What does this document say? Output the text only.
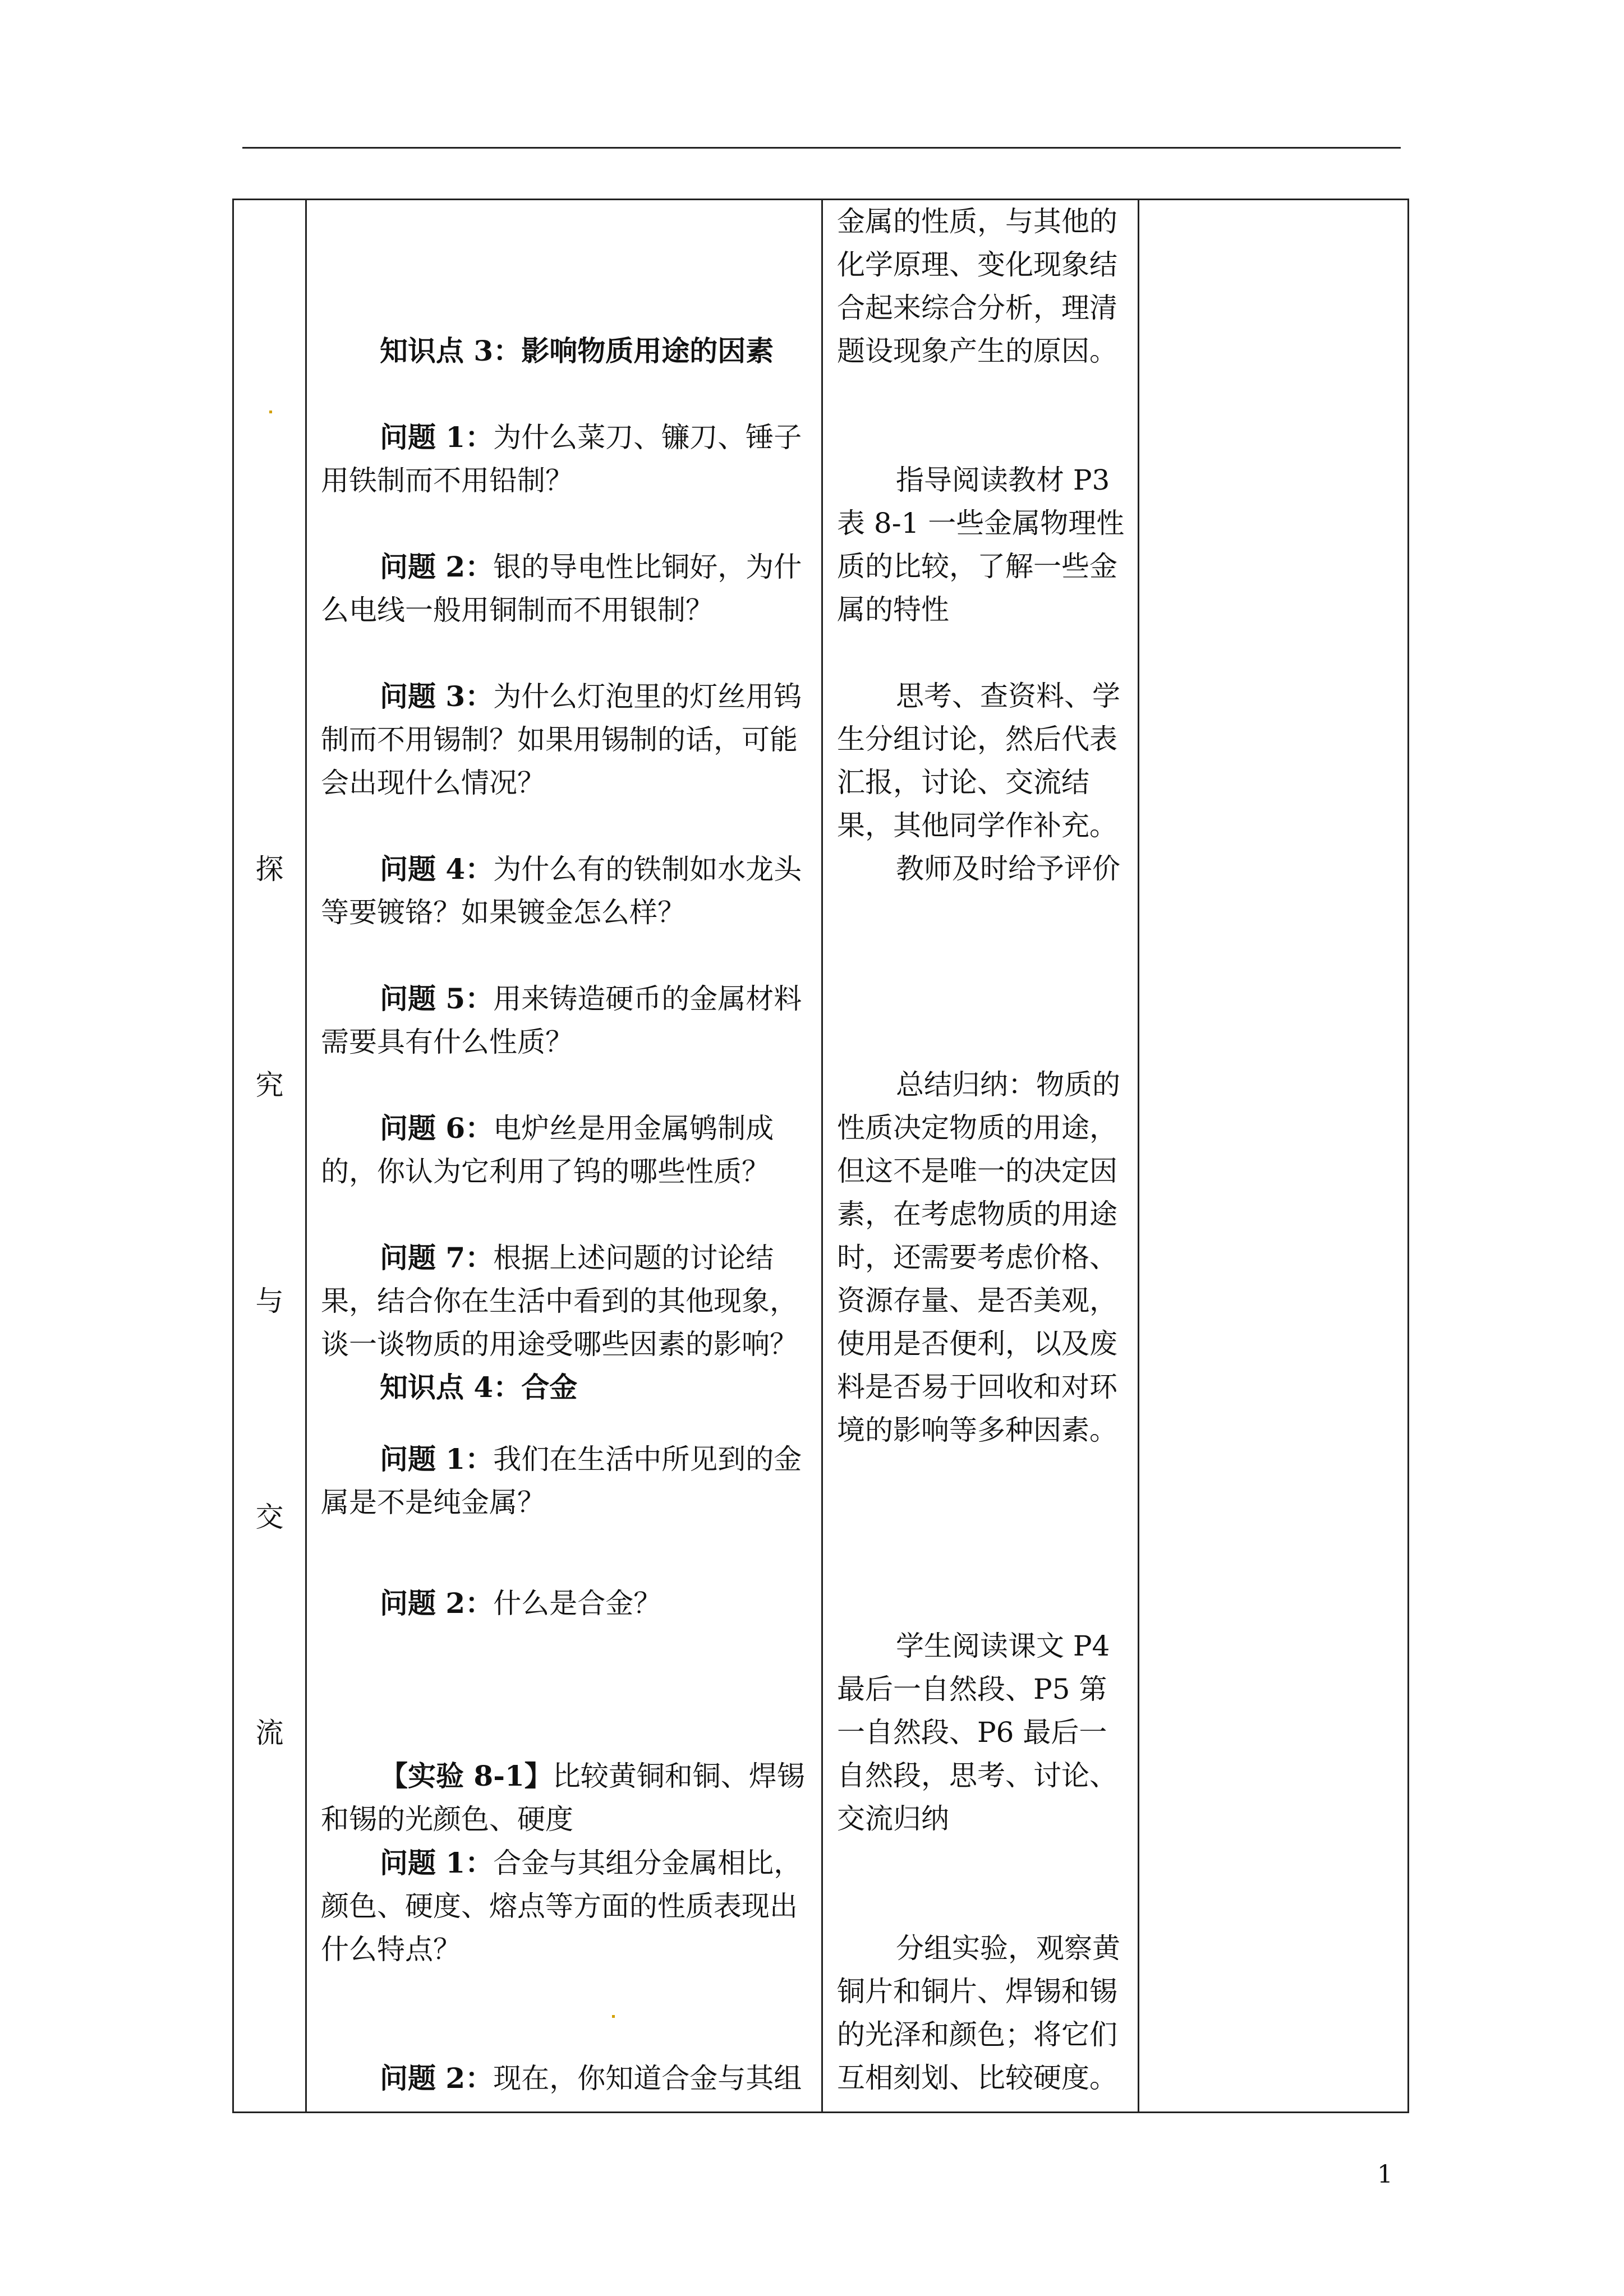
探
究
与
交
流

知识点 3：影响物质用途的因素

问题 1：为什么菜刀、镰刀、锤子用铁制而不用铅制？

问题 2：银的导电性比铜好，为什么电线一般用铜制而不用银制？

问题 3：为什么灯泡里的灯丝用钨制而不用锡制？如果用锡制的话，可能会出现什么情况？

问题 4：为什么有的铁制如水龙头等要镀铬？如果镀金怎么样？

问题 5：用来铸造硬币的金属材料需要具有什么性质？

问题 6：电炉丝是用金属鸲制成的，你认为它利用了钨的哪些性质？

问题 7：根据上述问题的讨论结果，结合你在生活中看到的其他现象，谈一谈物质的用途受哪些因素的影响？

知识点 4：合金

问题 1：我们在生活中所见到的金属是不是纯金属？

问题 2：什么是合金？

【实验 8-1】比较黄铜和铜、焊锡和锡的光颜色、硬度

问题 1：合金与其组分金属相比，颜色、硬度、熔点等方面的性质表现出什么特点？

问题 2：现在，你知道合金与其组

金属的性质，与其他的化学原理、变化现象结合起来综合分析，理清题设现象产生的原因。

指导阅读教材 P3 表 8-1 一些金属物理性质的比较，了解一些金属的特性

思考、查资料、学生分组讨论，然后代表汇报，讨论、交流结果，其他同学作补充。

教师及时给予评价

总结归纳：物质的性质决定物质的用途，但这不是唯一的决定因素，在考虑物质的用途时，还需要考虑价格、资源存量、是否美观，使用是否便利，以及废料是否易于回收和对环境的影响等多种因素。

学生阅读课文 P4 最后一自然段、P5 第一自然段、P6 最后一自然段，思考、讨论、交流归纳

分组实验，观察黄铜片和铜片、焊锡和锡的光泽和颜色；将它们互相刻划、比较硬度。

1
